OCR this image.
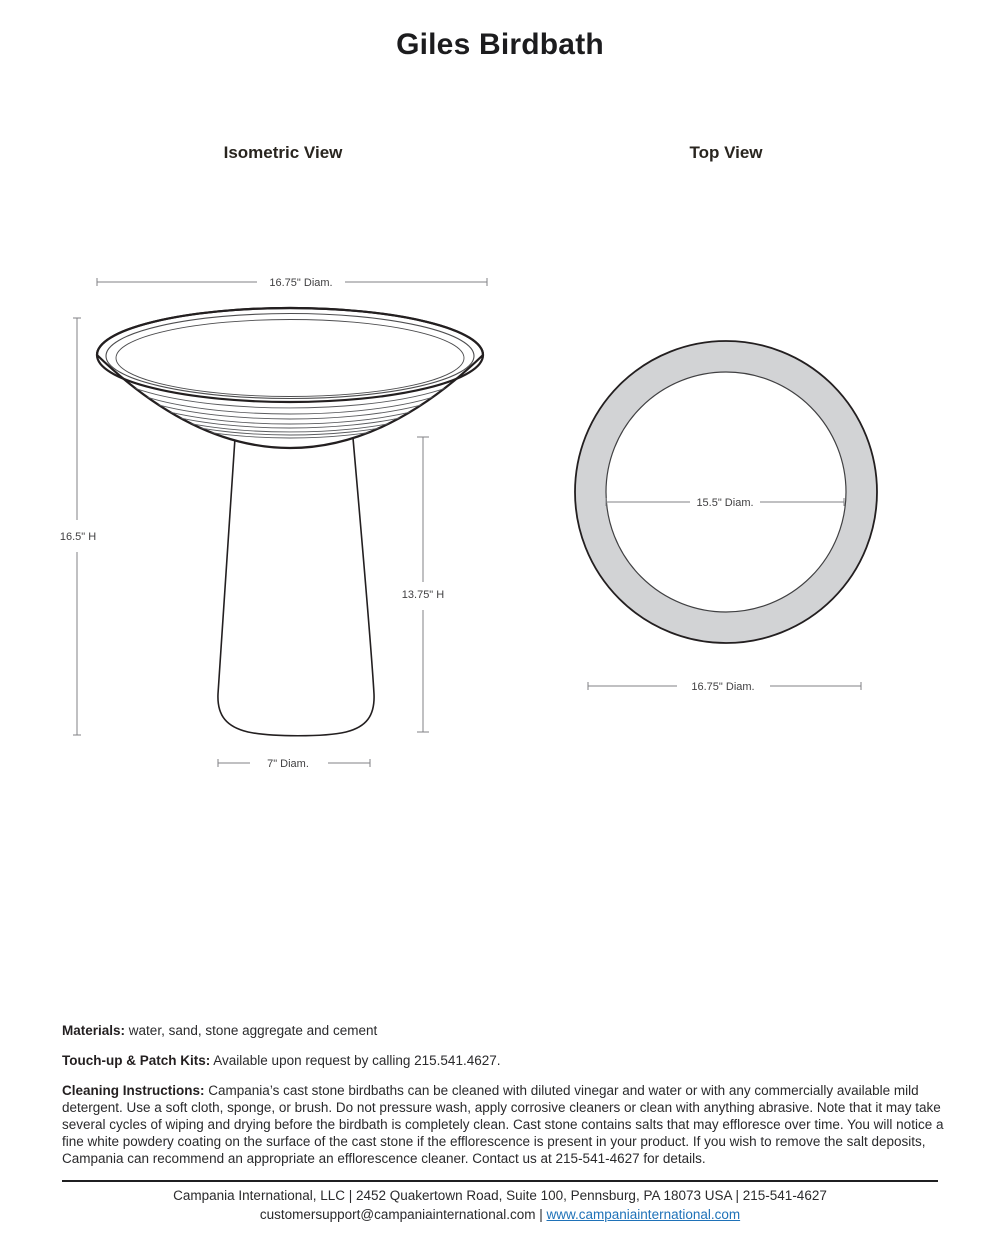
Giles Birdbath
Isometric View	Top View
16.75" Diam.
16.5" H
13.75" H
7" Diam.
15.5" Diam.
16.75" Diam.

Materials: water, sand, stone aggregate and cement

Touch-up & Patch Kits: Available upon request by calling 215.541.4627.

Cleaning Instructions: Campania’s cast stone birdbaths can be cleaned with diluted vinegar and water or with any commercially available mild detergent. Use a soft cloth, sponge, or brush. Do not pressure wash, apply corrosive cleaners or clean with anything abrasive. Note that it may take several cycles of wiping and drying before the birdbath is completely clean. Cast stone contains salts that may effloresce over time. You will notice a fine white powdery coating on the surface of the cast stone if the efflorescence is present in your product. If you wish to remove the salt deposits, Campania can recommend an appropriate an efflorescence cleaner. Contact us at 215-541-4627 for details.

Campania International, LLC | 2452 Quakertown Road, Suite 100, Pennsburg, PA 18073 USA | 215-541-4627
customersupport@campaniainternational.com | www.campaniainternational.com
